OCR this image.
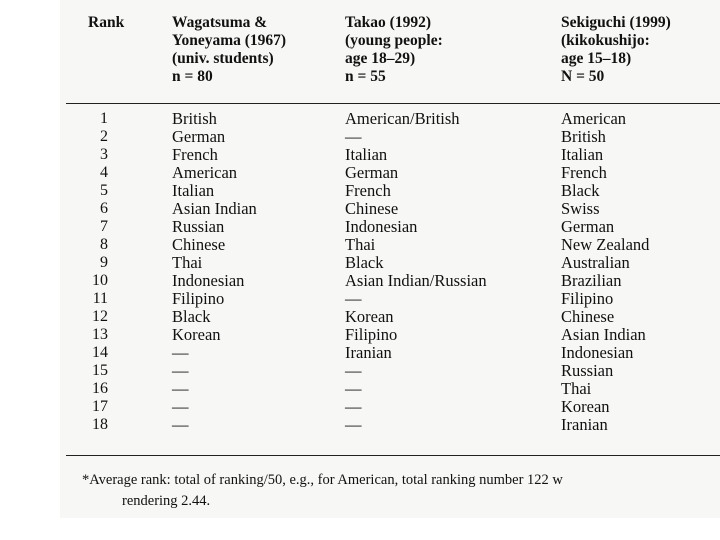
Rank	Wagatsuma &
Yoneyama (1967)
(univ. students)
n = 80
Takao (1992)
(young people:
age 18–29)
n = 55
Sekiguchi (1999)
(kikokushijo:
age 15–18)
N = 50
1
2
3
4
5
6
7
8
9
10
11
12
13
14
15
16
17
18
British
German
French
American
Italian
Asian Indian
Russian
Chinese
Thai
Indonesian
Filipino
Black
Korean
—
—
—
—
—
American/British
—
Italian
German
French
Chinese
Indonesian
Thai
Black
Asian Indian/Russian
—
Korean
Filipino
Iranian
—
—
—
—
American
British
Italian
French
Black
Swiss
German
New Zealand
Australian
Brazilian
Filipino
Chinese
Asian Indian
Indonesian
Russian
Thai
Korean
Iranian
*Average rank: total of ranking/50, e.g., for American, total ranking number 122 w
rendering 2.44.
